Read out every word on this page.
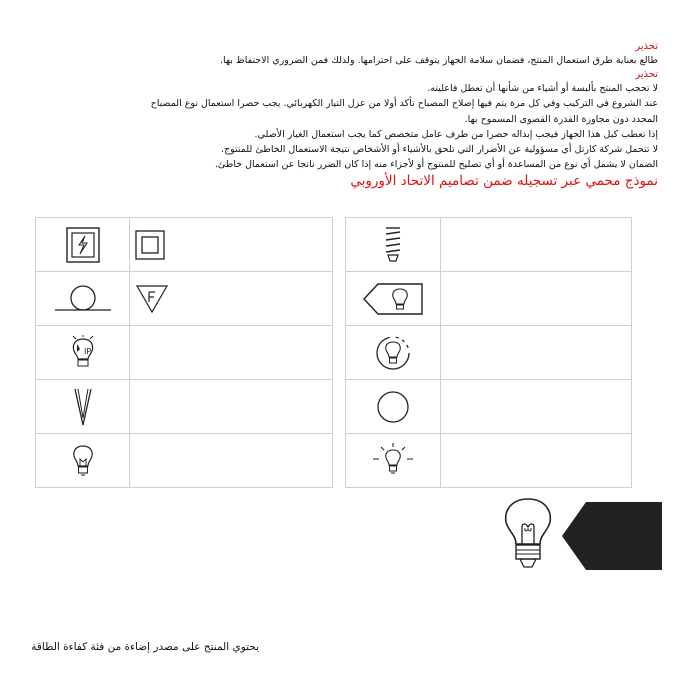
تحذير

طالع بعناية طرق استعمال المنتج، فضمان سلامة الجهاز يتوقف على احترامها. ولذلك فمن الضروري الاحتفاظ بها.

تحذير

لا تحجب المنتج بألبسة أو أشياء من شأنها أن تعطل فاعليته.

عند الشروع في التركيب وفي كل مرة يتم فيها إصلاح المصباح تأكد أولا من عزل التيار الكهربائي. يجب حصرا استعمال نوع المصباح

المحدد دون مجاوزة القدرة القصوى المسموح بها.

إذا تعطب كبل هذا الجهاز فيجب إبداله حصرا من طرف عامل متخصص كما يجب استعمال الغيار الأصلي.

لا تتحمل شركة كارتل أي مسؤولية عن الأضرار التي تلحق بالأشياء أو الأشخاص نتيجة الاستعمال الخاطئ للمنتوج.

الضمان لا يشمل أي نوع من المساعدة أو أي تصليح للمنتوج أو لأجزاء منه إذا كان الضرر ناتجا عن استعمال خاطئ.

نموذج محمي عبر تسجيله ضمن تصاميم الاتحاد الأوروبي

IP	

يحتوي المنتج على مصدر إضاءة من فئة كفاءة الطاقة
